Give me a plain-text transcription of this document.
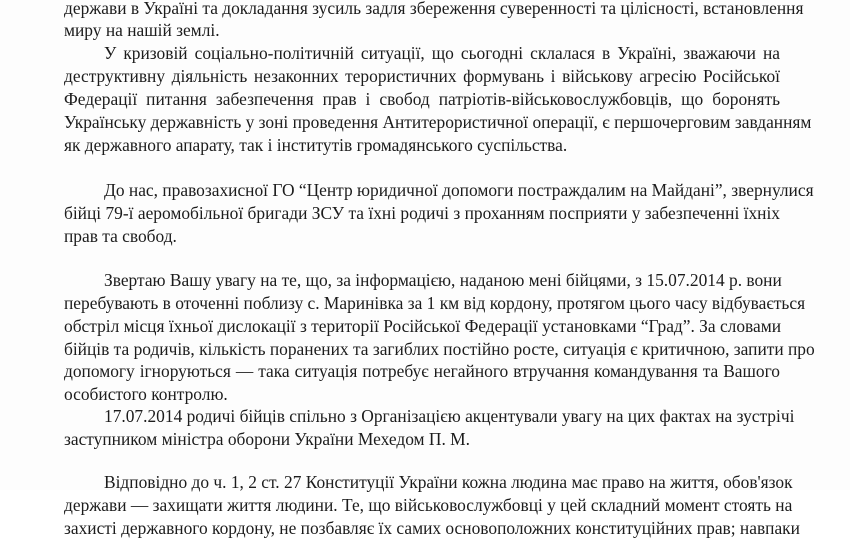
держави в Україні та докладання зусиль задля збереження суверенності та цілісності, встановлення
миру на нашій землі.
У кризовій соціально-політичній ситуації, що сьогодні склалася в Україні, зважаючи на
деструктивну діяльність незаконних терористичних формувань і військову агресію Російської
Федерації питання забезпечення прав і свобод патріотів-військовослужбовців, що боронять
Українську державність у зоні проведення Антитерористичної операції, є першочерговим завданням
як державного апарату, так і інститутів громадянського суспільства.
До нас, правозахисної ГО “Центр юридичної допомоги постраждалим на Майдані”, звернулися
бійці 79-ї аеромобільної бригади ЗСУ та їхні родичі з проханням посприяти у забезпеченні їхніх
прав та свобод.
Звертаю Вашу увагу на те, що, за інформацією, наданою мені бійцями, з 15.07.2014 р. вони
перебувають в оточенні поблизу с. Маринівка за 1 км від кордону, протягом цього часу відбувається
обстріл місця їхньої дислокації з території Російської Федерації установками “Град”. За словами
бійців та родичів, кількість поранених та загиблих постійно росте, ситуація є критичною, запити про
допомогу ігноруються — така ситуація потребує негайного втручання командування та Вашого
особистого контролю.
17.07.2014 родичі бійців спільно з Організацією акцентували увагу на цих фактах на зустрічі
заступником міністра оборони України Мехедом П. М.
Відповідно до ч. 1, 2 ст. 27 Конституції України кожна людина має право на життя, обов'язок
держави — захищати життя людини. Те, що військовослужбовці у цей складний момент стоять на
захисті державного кордону, не позбавляє їх самих основоположних конституційних прав; навпаки
